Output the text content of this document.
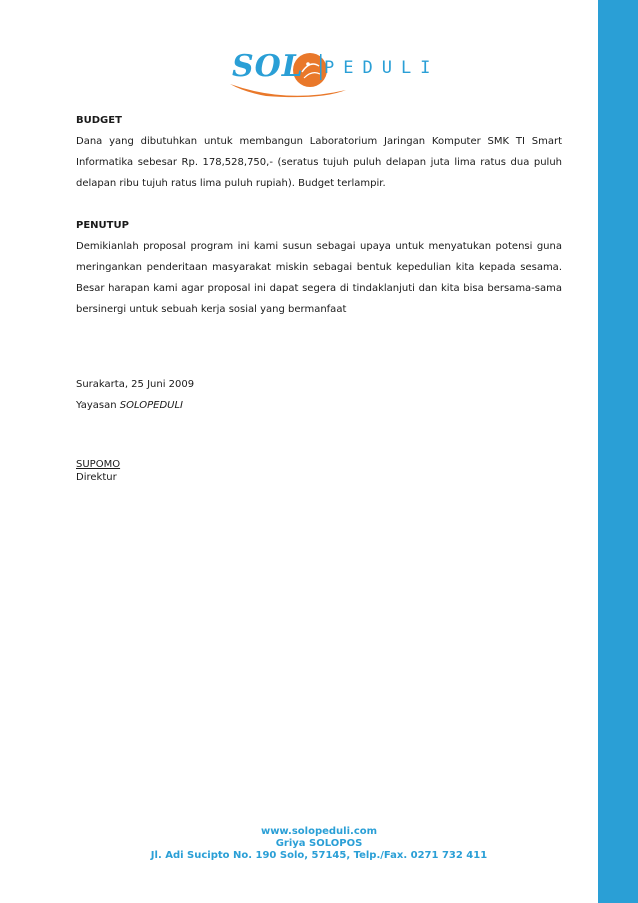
SOL PEDULI

BUDGET

Dana yang dibutuhkan untuk membangun Laboratorium Jaringan Komputer SMK TI Smart Informatika sebesar Rp. 178,528,750,- (seratus tujuh puluh delapan juta lima ratus dua puluh delapan ribu tujuh ratus lima puluh rupiah). Budget terlampir.

PENUTUP

Demikianlah proposal program ini kami susun sebagai upaya untuk menyatukan potensi guna meringankan penderitaan masyarakat miskin sebagai bentuk kepedulian kita kepada sesama. Besar harapan kami agar proposal ini dapat segera di tindaklanjuti dan kita bisa bersama-sama bersinergi untuk sebuah kerja sosial yang bermanfaat

Surakarta, 25 Juni 2009

Yayasan SOLOPEDULI

SUPOMO

Direktur

www.solopeduli.com
Griya SOLOPOS
Jl. Adi Sucipto No. 190 Solo, 57145, Telp./Fax. 0271 732 411
